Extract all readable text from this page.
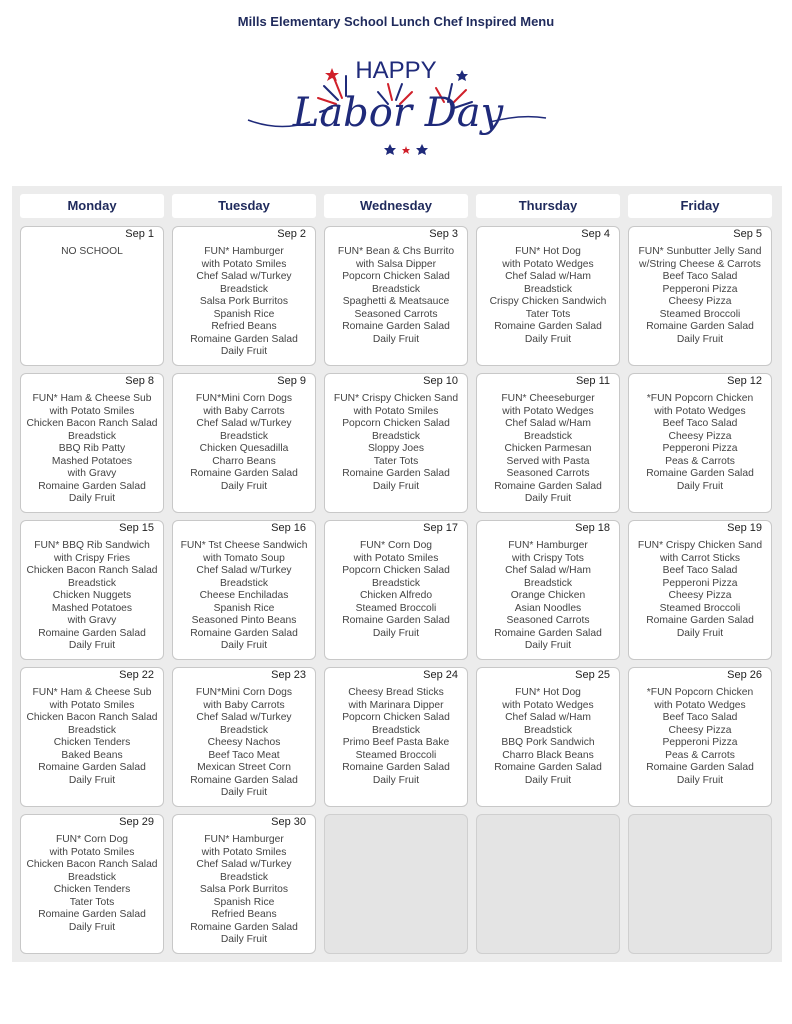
Mills Elementary School Lunch Chef Inspired Menu
HAPPY
Labor Day
Monday	Tuesday	Wednesday	Thursday	Friday
Sep 1
NO SCHOOL
Sep 2
FUN* Hamburger
with Potato Smiles
Chef Salad w/Turkey
Breadstick
Salsa Pork Burritos
Spanish Rice
Refried Beans
Romaine Garden Salad
Daily Fruit
Sep 3
FUN* Bean & Chs Burrito
with Salsa Dipper
Popcorn Chicken Salad
Breadstick
Spaghetti & Meatsauce
Seasoned Carrots
Romaine Garden Salad
Daily Fruit
Sep 4
FUN* Hot Dog
with Potato Wedges
Chef Salad w/Ham
Breadstick
Crispy Chicken Sandwich
Tater Tots
Romaine Garden Salad
Daily Fruit
Sep 5
FUN* Sunbutter Jelly Sand
w/String Cheese & Carrots
Beef Taco Salad
Pepperoni Pizza
Cheesy Pizza
Steamed Broccoli
Romaine Garden Salad
Daily Fruit
Sep 8
FUN* Ham & Cheese Sub
with Potato Smiles
Chicken Bacon Ranch Salad
Breadstick
BBQ Rib Patty
Mashed Potatoes
with Gravy
Romaine Garden Salad
Daily Fruit
Sep 9
FUN*Mini Corn Dogs
with Baby Carrots
Chef Salad w/Turkey
Breadstick
Chicken Quesadilla
Charro Beans
Romaine Garden Salad
Daily Fruit
Sep 10
FUN* Crispy Chicken Sand
with Potato Smiles
Popcorn Chicken Salad
Breadstick
Sloppy Joes
Tater Tots
Romaine Garden Salad
Daily Fruit
Sep 11
FUN* Cheeseburger
with Potato Wedges
Chef Salad w/Ham
Breadstick
Chicken Parmesan
Served with Pasta
Seasoned Carrots
Romaine Garden Salad
Daily Fruit
Sep 12
*FUN Popcorn Chicken
with Potato Wedges
Beef Taco Salad
Cheesy Pizza
Pepperoni Pizza
Peas & Carrots
Romaine Garden Salad
Daily Fruit
Sep 15
FUN* BBQ Rib Sandwich
with Crispy Fries
Chicken Bacon Ranch Salad
Breadstick
Chicken Nuggets
Mashed Potatoes
with Gravy
Romaine Garden Salad
Daily Fruit
Sep 16
FUN* Tst Cheese Sandwich
with Tomato Soup
Chef Salad w/Turkey
Breadstick
Cheese Enchiladas
Spanish Rice
Seasoned Pinto Beans
Romaine Garden Salad
Daily Fruit
Sep 17
FUN* Corn Dog
with Potato Smiles
Popcorn Chicken Salad
Breadstick
Chicken Alfredo
Steamed Broccoli
Romaine Garden Salad
Daily Fruit
Sep 18
FUN* Hamburger
with Crispy Tots
Chef Salad w/Ham
Breadstick
Orange Chicken
Asian Noodles
Seasoned Carrots
Romaine Garden Salad
Daily Fruit
Sep 19
FUN* Crispy Chicken Sand
with Carrot Sticks
Beef Taco Salad
Pepperoni Pizza
Cheesy Pizza
Steamed Broccoli
Romaine Garden Salad
Daily Fruit
Sep 22
FUN* Ham & Cheese Sub
with Potato Smiles
Chicken Bacon Ranch Salad
Breadstick
Chicken Tenders
Baked Beans
Romaine Garden Salad
Daily Fruit
Sep 23
FUN*Mini Corn Dogs
with Baby Carrots
Chef Salad w/Turkey
Breadstick
Cheesy Nachos
Beef Taco Meat
Mexican Street Corn
Romaine Garden Salad
Daily Fruit
Sep 24
Cheesy Bread Sticks
with Marinara Dipper
Popcorn Chicken Salad
Breadstick
Primo Beef Pasta Bake
Steamed Broccoli
Romaine Garden Salad
Daily Fruit
Sep 25
FUN* Hot Dog
with Potato Wedges
Chef Salad w/Ham
Breadstick
BBQ Pork Sandwich
Charro Black Beans
Romaine Garden Salad
Daily Fruit
Sep 26
*FUN Popcorn Chicken
with Potato Wedges
Beef Taco Salad
Cheesy Pizza
Pepperoni Pizza
Peas & Carrots
Romaine Garden Salad
Daily Fruit
Sep 29
FUN* Corn Dog
with Potato Smiles
Chicken Bacon Ranch Salad
Breadstick
Chicken Tenders
Tater Tots
Romaine Garden Salad
Daily Fruit
Sep 30
FUN* Hamburger
with Potato Smiles
Chef Salad w/Turkey
Breadstick
Salsa Pork Burritos
Spanish Rice
Refried Beans
Romaine Garden Salad
Daily Fruit
